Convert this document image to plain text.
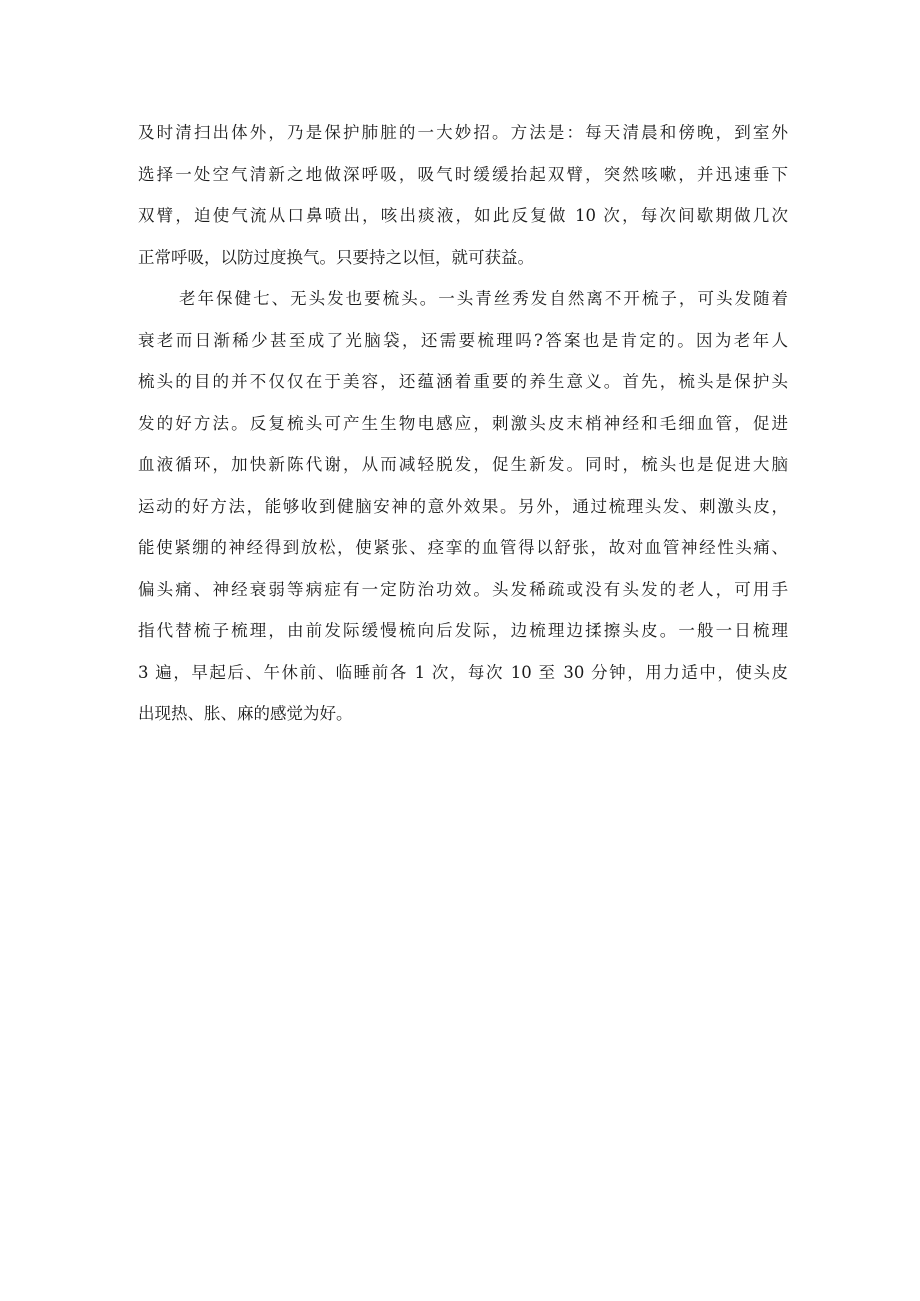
及时清扫出体外，乃是保护肺脏的一大妙招。方法是：每天清晨和傍晚，到室外
选择一处空气清新之地做深呼吸，吸气时缓缓抬起双臂，突然咳嗽，并迅速垂下
双臂，迫使气流从口鼻喷出，咳出痰液，如此反复做 10 次，每次间歇期做几次
正常呼吸，以防过度换气。只要持之以恒，就可获益。
老年保健七、无头发也要梳头。一头青丝秀发自然离不开梳子，可头发随着
衰老而日渐稀少甚至成了光脑袋，还需要梳理吗?答案也是肯定的。因为老年人
梳头的目的并不仅仅在于美容，还蕴涵着重要的养生意义。首先，梳头是保护头
发的好方法。反复梳头可产生生物电感应，刺激头皮末梢神经和毛细血管，促进
血液循环，加快新陈代谢，从而减轻脱发，促生新发。同时，梳头也是促进大脑
运动的好方法，能够收到健脑安神的意外效果。另外，通过梳理头发、刺激头皮，
能使紧绷的神经得到放松，使紧张、痉挛的血管得以舒张，故对血管神经性头痛、
偏头痛、神经衰弱等病症有一定防治功效。头发稀疏或没有头发的老人，可用手
指代替梳子梳理，由前发际缓慢梳向后发际，边梳理边揉擦头皮。一般一日梳理
3 遍，早起后、午休前、临睡前各 1 次，每次 10 至 30 分钟，用力适中，使头皮
出现热、胀、麻的感觉为好。
